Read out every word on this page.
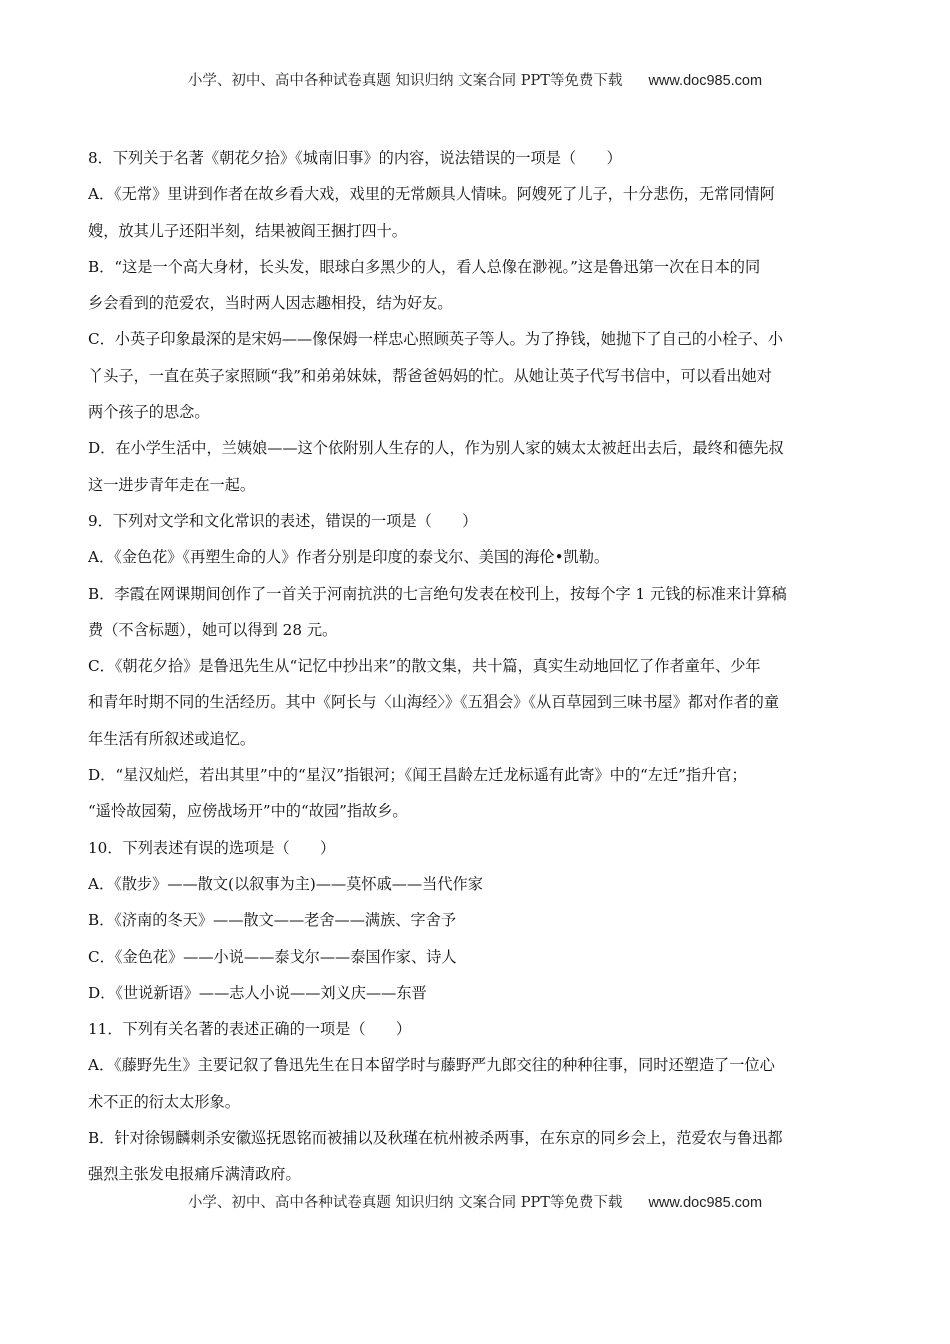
小学、初中、高中各种试卷真题 知识归纳 文案合同 PPT等免费下载 www.doc985.com
8．下列关于名著《朝花夕拾》《城南旧事》的内容，说法错误的一项是（　　）
A．《无常》里讲到作者在故乡看大戏，戏里的无常颇具人情味。阿嫂死了儿子，十分悲伤，无常同情阿
嫂，放其儿子还阳半刻，结果被阎王捆打四十。
B．“这是一个高大身材，长头发，眼球白多黑少的人，看人总像在渺视。”这是鲁迅第一次在日本的同
乡会看到的范爱农，当时两人因志趣相投，结为好友。
C．小英子印象最深的是宋妈——像保姆一样忠心照顾英子等人。为了挣钱，她抛下了自己的小栓子、小
丫头子，一直在英子家照顾“我”和弟弟妹妹，帮爸爸妈妈的忙。从她让英子代写书信中，可以看出她对
两个孩子的思念。
D．在小学生活中，兰姨娘——这个依附别人生存的人，作为别人家的姨太太被赶出去后，最终和德先叔
这一进步青年走在一起。
9．下列对文学和文化常识的表述，错误的一项是（　　）
A．《金色花》《再塑生命的人》作者分别是印度的泰戈尔、美国的海伦•凯勒。
B．李霞在网课期间创作了一首关于河南抗洪的七言绝句发表在校刊上，按每个字 1 元钱的标准来计算稿
费（不含标题），她可以得到 28 元。
C．《朝花夕拾》是鲁迅先生从“记忆中抄出来”的散文集，共十篇，真实生动地回忆了作者童年、少年
和青年时期不同的生活经历。其中《阿长与〈山海经〉》《五猖会》《从百草园到三味书屋》都对作者的童
年生活有所叙述或追忆。
D．“星汉灿烂，若出其里”中的“星汉”指银河；《闻王昌龄左迁龙标遥有此寄》中的“左迁”指升官；
“遥怜故园菊，应傍战场开”中的“故园”指故乡。
10．下列表述有误的选项是（　　）
A．《散步》——散文(以叙事为主)——莫怀戚——当代作家
B．《济南的冬天》——散文——老舍——满族、字舍予
C．《金色花》——小说——泰戈尔——泰国作家、诗人
D．《世说新语》——志人小说——刘义庆——东晋
11．下列有关名著的表述正确的一项是（　　）
A．《藤野先生》主要记叙了鲁迅先生在日本留学时与藤野严九郎交往的种种往事，同时还塑造了一位心
术不正的衍太太形象。
B．针对徐锡麟刺杀安徽巡抚恩铭而被捕以及秋瑾在杭州被杀两事，在东京的同乡会上，范爱农与鲁迅都
强烈主张发电报痛斥满清政府。
小学、初中、高中各种试卷真题 知识归纳 文案合同 PPT等免费下载 www.doc985.com
